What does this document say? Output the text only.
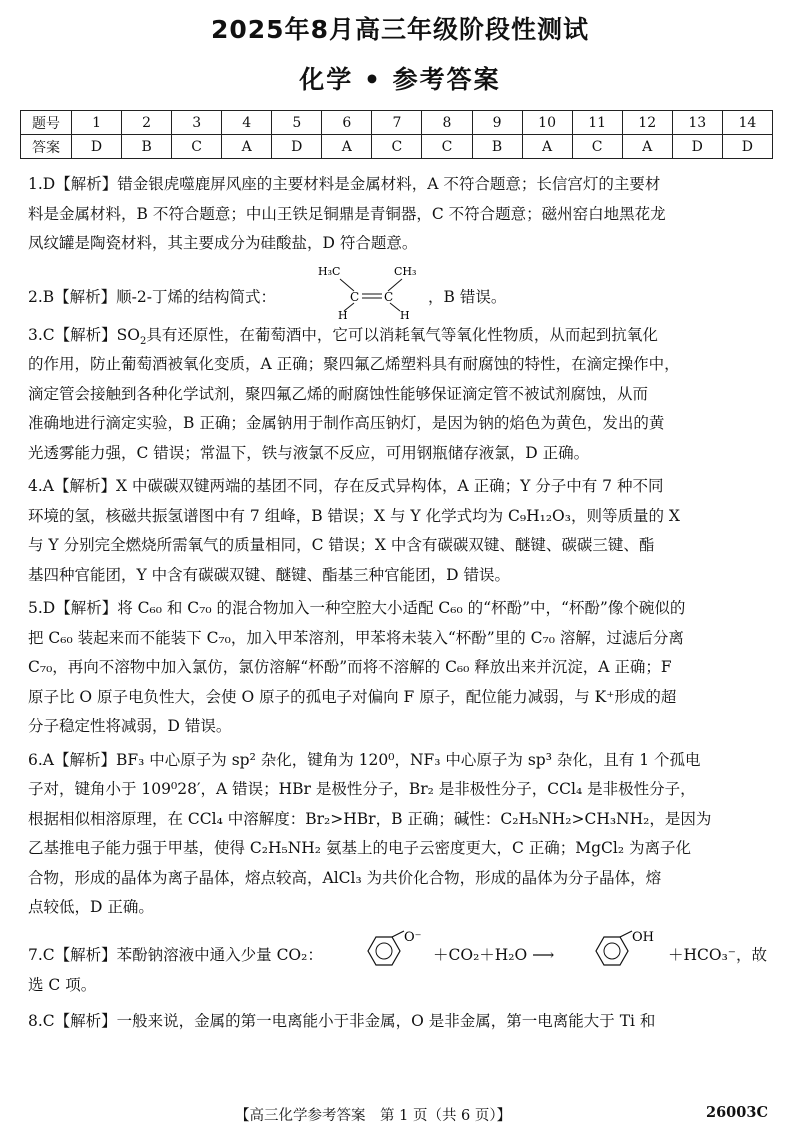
2025年8月高三年级阶段性测试
化学 • 参考答案
题号	1	2	3	4	5	6	7	8	9	10	11	12	13	14
答案	D	B	C	A	D	A	C	C	B	A	C	A	D	D

1.D【解析】错金银虎噬鹿屏风座的主要材料是金属材料，A 不符合题意；长信宫灯的主要材

料是金属材料，B 不符合题意；中山王铁足铜鼎是青铜器，C 不符合题意；磁州窑白地黑花龙

凤纹罐是陶瓷材料，其主要成分为硅酸盐，D 符合题意。

2.B【解析】顺-2-丁烯的结构简式：
H₃C	CH₃
C C
H	H
，B 错误。

3.C【解析】$SO_2$具有还原性，在葡萄酒中，它可以消耗氧气等氧化性物质，从而起到抗氧化

的作用，防止葡萄酒被氧化变质，A 正确；聚四氟乙烯塑料具有耐腐蚀的特性，在滴定操作中，

滴定管会接触到各种化学试剂，聚四氟乙烯的耐腐蚀性能够保证滴定管不被试剂腐蚀，从而

准确地进行滴定实验，B 正确；金属钠用于制作高压钠灯，是因为钠的焰色为黄色，发出的黄

光透雾能力强，C 错误；常温下，铁与液氯不反应，可用钢瓶储存液氯，D 正确。

4.A【解析】X 中碳碳双键两端的基团不同，存在反式异构体，A 正确；Y 分子中有 7 种不同

环境的氢，核磁共振氢谱图中有 7 组峰，B 错误；X 与 Y 化学式均为 C₉H₁₂O₃，则等质量的 X

与 Y 分别完全燃烧所需氧气的质量相同，C 错误；X 中含有碳碳双键、醚键、碳碳三键、酯

基四种官能团，Y 中含有碳碳双键、醚键、酯基三种官能团，D 错误。

5.D【解析】将 C₆₀ 和 C₇₀ 的混合物加入一种空腔大小适配 C₆₀ 的“杯酚”中，“杯酚”像个碗似的

把 C₆₀ 装起来而不能装下 C₇₀，加入甲苯溶剂，甲苯将未装入“杯酚”里的 C₇₀ 溶解，过滤后分离

C₇₀，再向不溶物中加入氯仿，氯仿溶解“杯酚”而将不溶解的 C₆₀ 释放出来并沉淀，A 正确；F

原子比 O 原子电负性大，会使 O 原子的孤电子对偏向 F 原子，配位能力减弱，与 K⁺形成的超

分子稳定性将减弱，D 错误。

6.A【解析】BF₃ 中心原子为 sp² 杂化，键角为 120⁰，NF₃ 中心原子为 sp³ 杂化，且有 1 个孤电

子对，键角小于 109⁰28′，A 错误；HBr 是极性分子，Br₂ 是非极性分子，CCl₄ 是非极性分子，

根据相似相溶原理，在 CCl₄ 中溶解度：Br₂>HBr，B 正确；碱性：C₂H₅NH₂>CH₃NH₂，是因为

乙基推电子能力强于甲基，使得 C₂H₅NH₂ 氨基上的电子云密度更大，C 正确；MgCl₂ 为离子化

合物，形成的晶体为离子晶体，熔点较高，AlCl₃ 为共价化合物，形成的晶体为分子晶体，熔

点较低，D 正确。

7.C【解析】苯酚钠溶液中通入少量 CO₂：
O⁻
＋CO₂＋H₂O ⟶
OH
＋HCO₃⁻，故
选 C 项。

8.C【解析】一般来说，金属的第一电离能小于非金属，O 是非金属，第一电离能大于 Ti 和

【高三化学参考答案　第 1 页（共 6 页）】	26003C
